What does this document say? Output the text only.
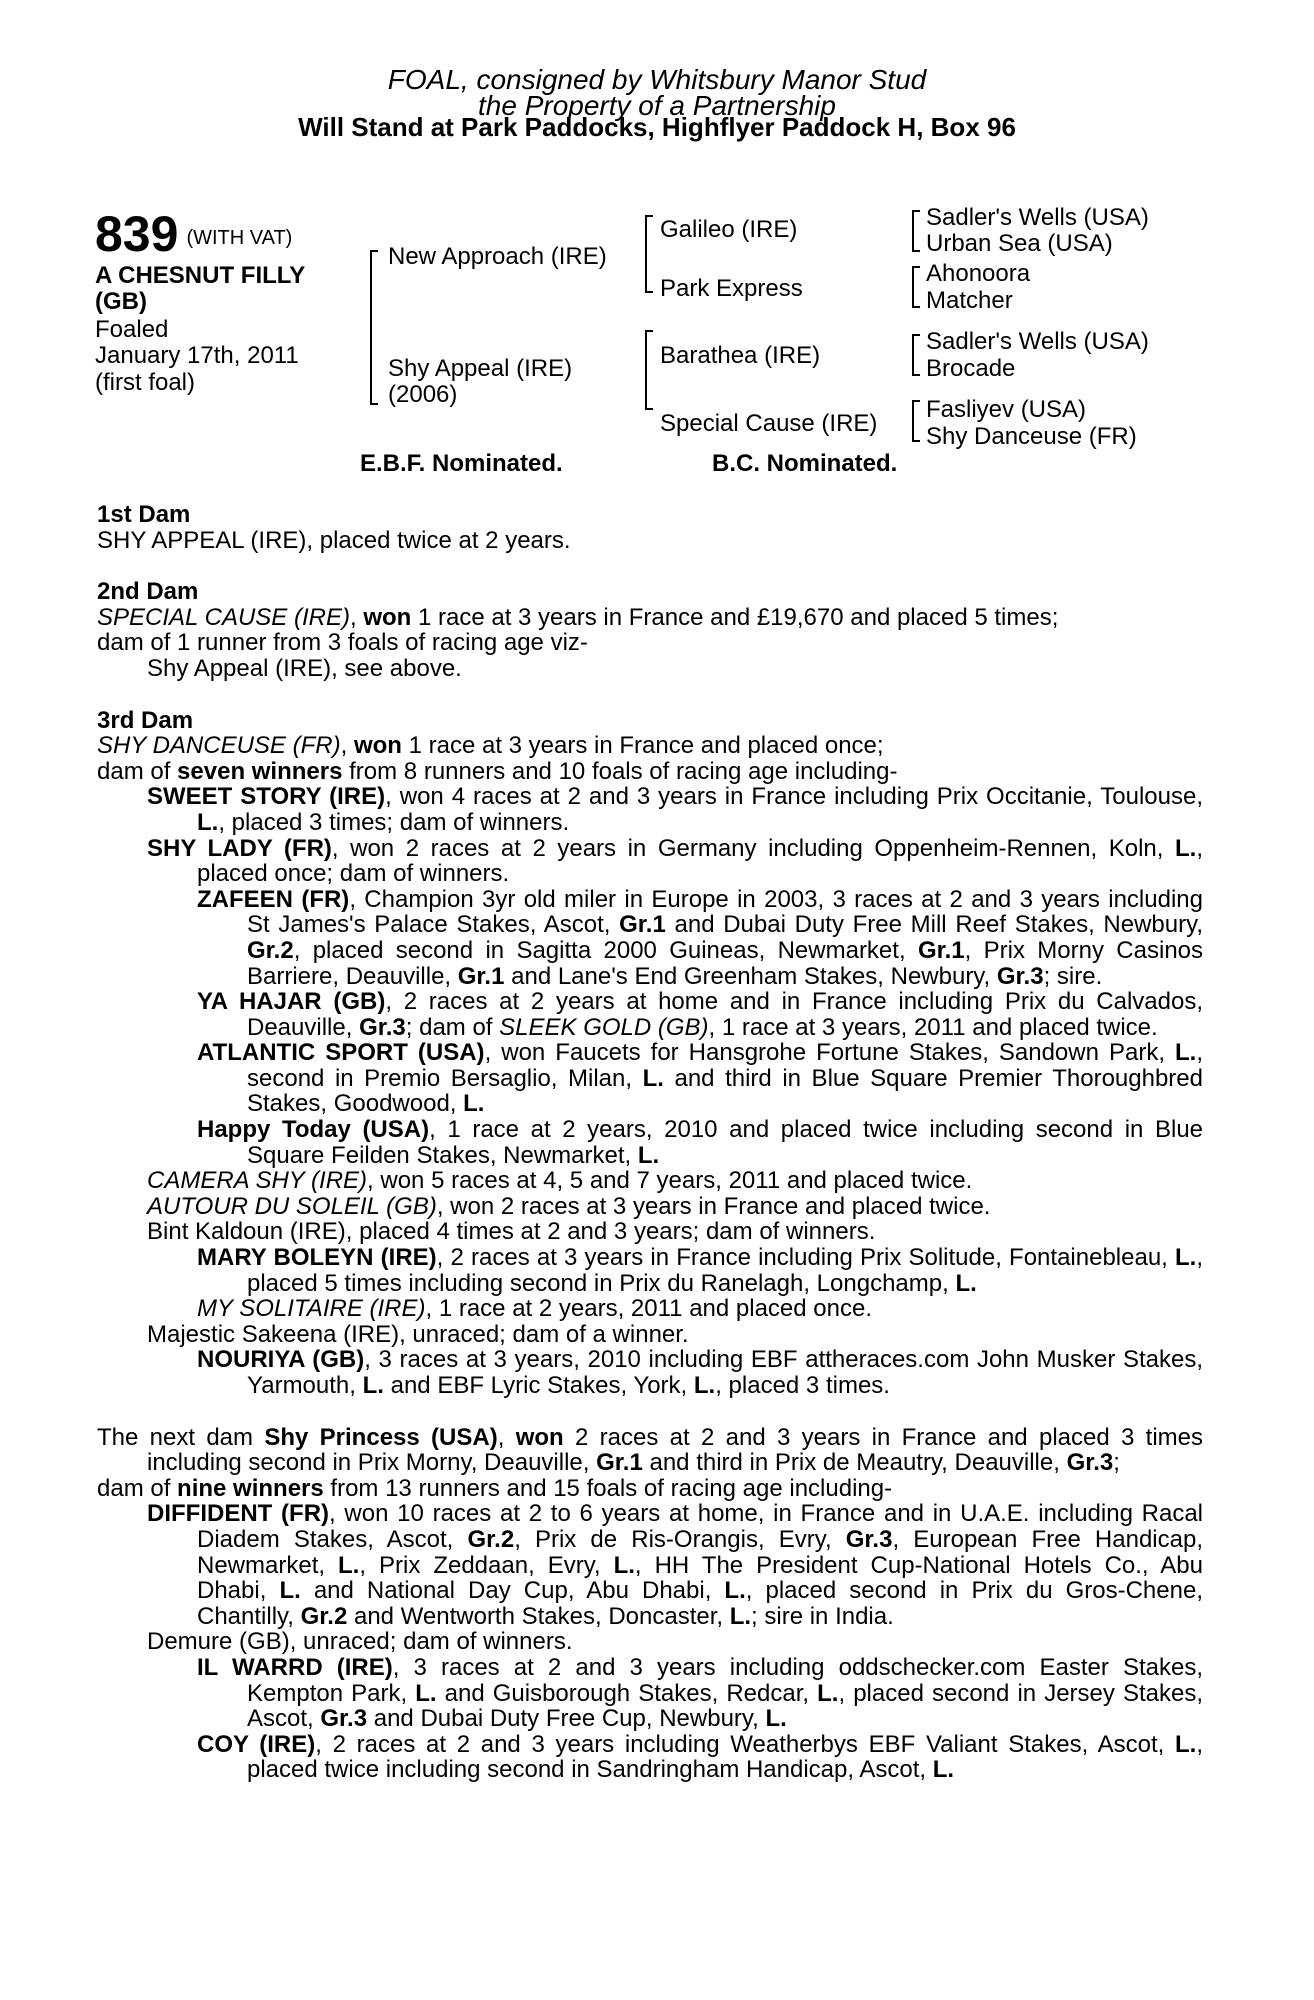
FOAL, consigned by Whitsbury Manor Stud
the Property of a Partnership
Will Stand at Park Paddocks, Highflyer Paddock H, Box 96
839 (WITH VAT)
A CHESNUT FILLY
(GB)
Foaled
January 17th, 2011
(first foal)
New Approach (IRE)
Shy Appeal (IRE)
(2006)
Galileo (IRE)
Park Express
Barathea (IRE)
Special Cause (IRE)
Sadler's Wells (USA)
Urban Sea (USA)
Ahonoora
Matcher
Sadler's Wells (USA)
Brocade
Fasliyev (USA)
Shy Danceuse (FR)
E.B.F. Nominated.	B.C. Nominated.

1st Dam

SHY APPEAL (IRE), placed twice at 2 years.

2nd Dam

SPECIAL CAUSE (IRE), won 1 race at 3 years in France and £19,670 and placed 5 times;

dam of 1 runner from 3 foals of racing age viz-

Shy Appeal (IRE), see above.

3rd Dam

SHY DANCEUSE (FR), won 1 race at 3 years in France and placed once;

dam of seven winners from 8 runners and 10 foals of racing age including-

SWEET STORY (IRE), won 4 races at 2 and 3 years in France including Prix Occitanie, Toulouse, L., placed 3 times; dam of winners.

SHY LADY (FR), won 2 races at 2 years in Germany including Oppenheim-Rennen, Koln, L., placed once; dam of winners.

ZAFEEN (FR), Champion 3yr old miler in Europe in 2003, 3 races at 2 and 3 years including St James's Palace Stakes, Ascot, Gr.1 and Dubai Duty Free Mill Reef Stakes, Newbury, Gr.2, placed second in Sagitta 2000 Guineas, Newmarket, Gr.1, Prix Morny Casinos Barriere, Deauville, Gr.1 and Lane's End Greenham Stakes, Newbury, Gr.3; sire.

YA HAJAR (GB), 2 races at 2 years at home and in France including Prix du Calvados, Deauville, Gr.3; dam of SLEEK GOLD (GB), 1 race at 3 years, 2011 and placed twice.

ATLANTIC SPORT (USA), won Faucets for Hansgrohe Fortune Stakes, Sandown Park, L., second in Premio Bersaglio, Milan, L. and third in Blue Square Premier Thoroughbred Stakes, Goodwood, L.

Happy Today (USA), 1 race at 2 years, 2010 and placed twice including second in Blue Square Feilden Stakes, Newmarket, L.

CAMERA SHY (IRE), won 5 races at 4, 5 and 7 years, 2011 and placed twice.

AUTOUR DU SOLEIL (GB), won 2 races at 3 years in France and placed twice.

Bint Kaldoun (IRE), placed 4 times at 2 and 3 years; dam of winners.

MARY BOLEYN (IRE), 2 races at 3 years in France including Prix Solitude, Fontainebleau, L., placed 5 times including second in Prix du Ranelagh, Longchamp, L.

MY SOLITAIRE (IRE), 1 race at 2 years, 2011 and placed once.

Majestic Sakeena (IRE), unraced; dam of a winner.

NOURIYA (GB), 3 races at 3 years, 2010 including EBF attheraces.com John Musker Stakes, Yarmouth, L. and EBF Lyric Stakes, York, L., placed 3 times.

The next dam Shy Princess (USA), won 2 races at 2 and 3 years in France and placed 3 times including second in Prix Morny, Deauville, Gr.1 and third in Prix de Meautry, Deauville, Gr.3;

dam of nine winners from 13 runners and 15 foals of racing age including-

DIFFIDENT (FR), won 10 races at 2 to 6 years at home, in France and in U.A.E. including Racal Diadem Stakes, Ascot, Gr.2, Prix de Ris-Orangis, Evry, Gr.3, European Free Handicap, Newmarket, L., Prix Zeddaan, Evry, L., HH The President Cup-National Hotels Co., Abu Dhabi, L. and National Day Cup, Abu Dhabi, L., placed second in Prix du Gros-Chene, Chantilly, Gr.2 and Wentworth Stakes, Doncaster, L.; sire in India.

Demure (GB), unraced; dam of winners.

IL WARRD (IRE), 3 races at 2 and 3 years including oddschecker.com Easter Stakes, Kempton Park, L. and Guisborough Stakes, Redcar, L., placed second in Jersey Stakes, Ascot, Gr.3 and Dubai Duty Free Cup, Newbury, L.

COY (IRE), 2 races at 2 and 3 years including Weatherbys EBF Valiant Stakes, Ascot, L., placed twice including second in Sandringham Handicap, Ascot, L.
